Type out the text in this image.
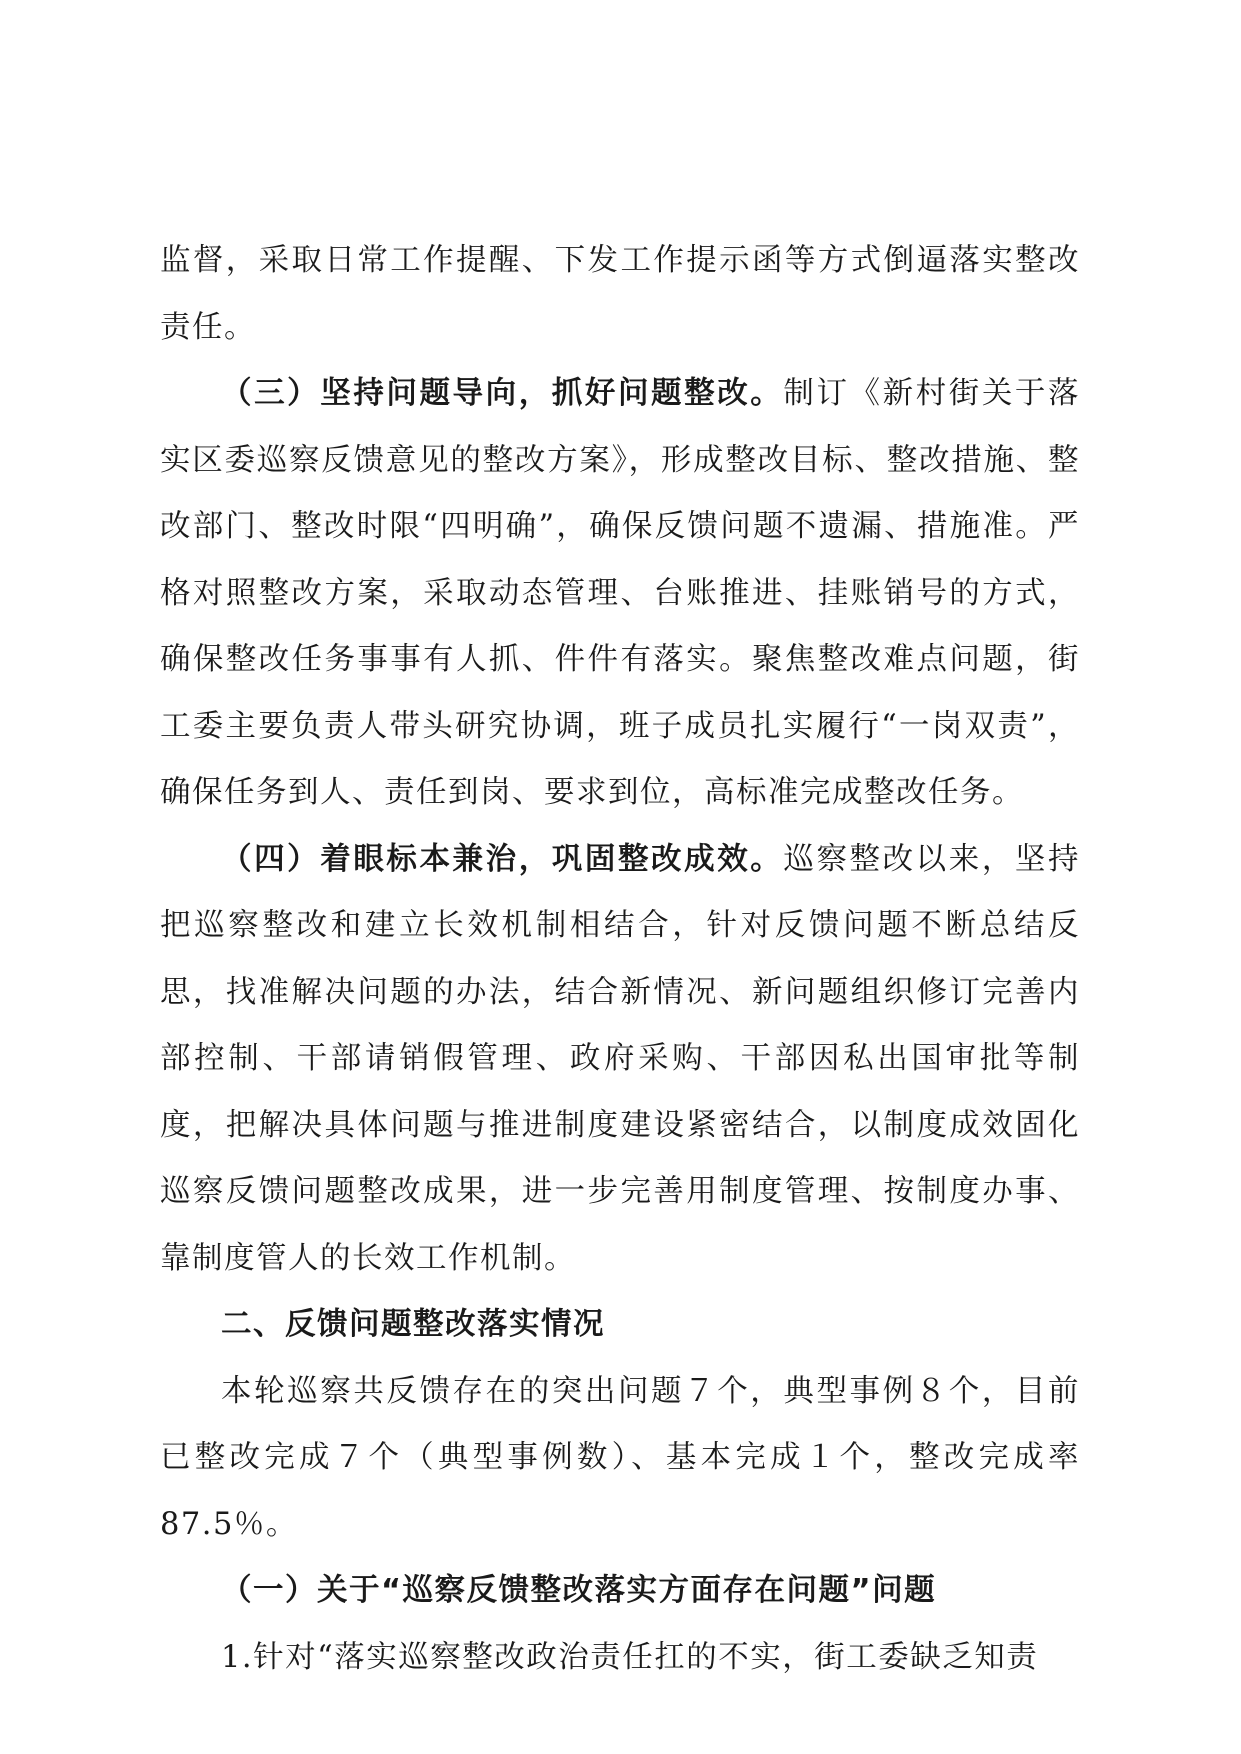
监督，采取日常工作提醒、下发工作提示函等方式倒逼落实整改责任。

（三）坚持问题导向，抓好问题整改。制订《新村街关于落实区委巡察反馈意见的整改方案》，形成整改目标、整改措施、整改部门、整改时限“四明确”，确保反馈问题不遗漏、措施准。严格对照整改方案，采取动态管理、台账推进、挂账销号的方式，确保整改任务事事有人抓、件件有落实。聚焦整改难点问题，街工委主要负责人带头研究协调，班子成员扎实履行“一岗双责”，确保任务到人、责任到岗、要求到位，高标准完成整改任务。

（四）着眼标本兼治，巩固整改成效。巡察整改以来，坚持把巡察整改和建立长效机制相结合，针对反馈问题不断总结反思，找准解决问题的办法，结合新情况、新问题组织修订完善内部控制、干部请销假管理、政府采购、干部因私出国审批等制度，把解决具体问题与推进制度建设紧密结合，以制度成效固化巡察反馈问题整改成果，进一步完善用制度管理、按制度办事、靠制度管人的长效工作机制。

二、反馈问题整改落实情况

本轮巡察共反馈存在的突出问题７个，典型事例８个，目前已整改完成７个（典型事例数）、基本完成１个，整改完成率 87.5％。

（一）关于“巡察反馈整改落实方面存在问题”问题

1.针对“落实巡察整改政治责任扛的不实，街工委缺乏知责
